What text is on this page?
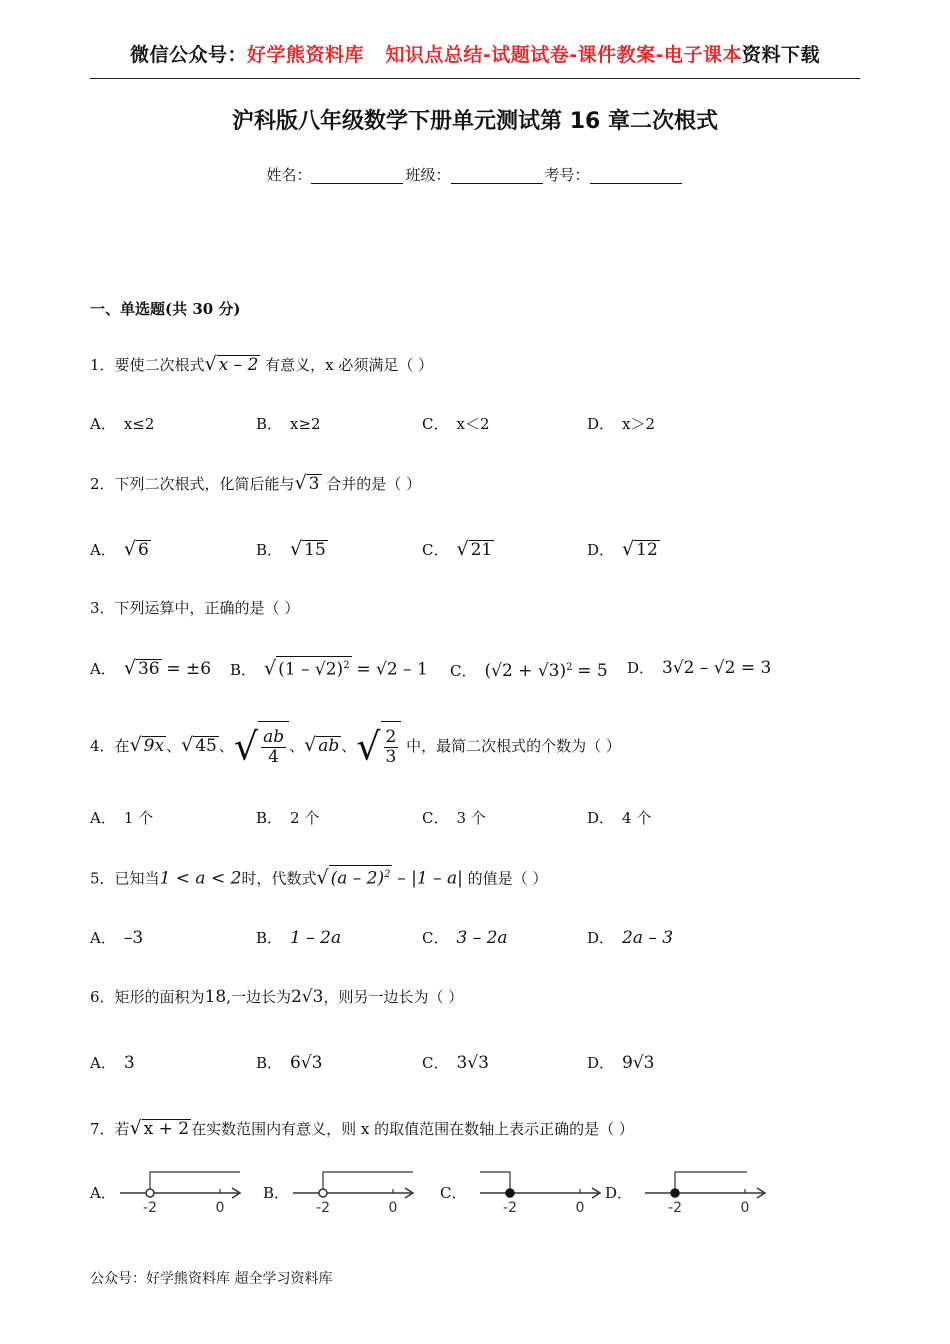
微信公众号：好学熊资料库 知识点总结-试题试卷-课件教案-电子课本资料下载
沪科版八年级数学下册单元测试第 16 章二次根式
姓名：	班级：	考号：
一、单选题(共 30 分)
1．要使二次根式√ x – 2 有意义，x 必须满足（ ）
A． x≤2	B． x≥2	C． x＜2	D． x＞2
2．下列二次根式，化简后能与√ 3 合并的是（ ）
A． √ 6	B． √ 15	C． √ 21	D． √ 12
3．下列运算中，正确的是（ ）
A． √ 36 = ±6 B． √ (1 – √2)$^2$ = √2 – 1 C． $(√2 + √3)^2 = 5$ D． 3√2 – √2 = 3
4．在√ 9x 、√ 45 、√ $\frac{ab}{4}$ 、√ ab 、√ $\frac{2}{3}$ 中，最简二次根式的个数为（ ）
A． 1 个	B． 2 个	C． 3 个	D． 4 个
5．已知当1 < a < 2时，代数式√ (a – 2)$^2$ – |1 – a| 的值是（ ）
A． –3	B． 1 – 2a	C． 3 – 2a	D． 2a – 3
6．矩形的面积为18,一边长为2√3，则另一边长为（ ）
A． 3	B． 6√3	C． 3√3	D． 9√3
7．若√ x + 2 在实数范围内有意义，则 x 的取值范围在数轴上表示正确的是（ ）
A．
-2	0
B．
-2	0
C．
-2	0
D．
-2	0
公众号：好学熊资料库 超全学习资料库
